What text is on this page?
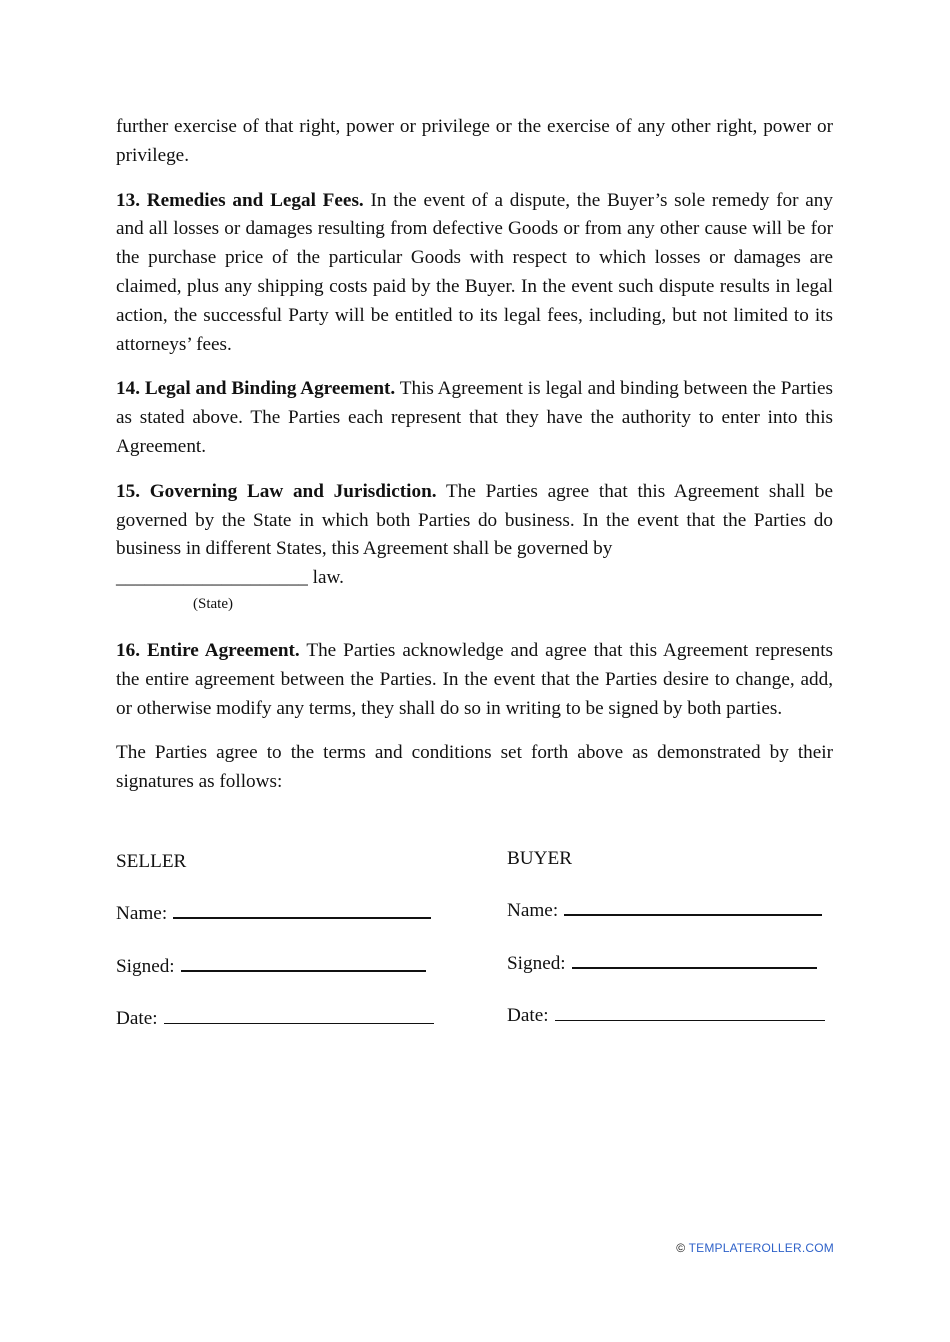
further exercise of that right, power or privilege or the exercise of any other right, power or privilege.

13. Remedies and Legal Fees. In the event of a dispute, the Buyer’s sole remedy for any and all losses or damages resulting from defective Goods or from any other cause will be for the purchase price of the particular Goods with respect to which losses or damages are claimed, plus any shipping costs paid by the Buyer. In the event such dispute results in legal action, the successful Party will be entitled to its legal fees, including, but not limited to its attorneys’ fees.

14. Legal and Binding Agreement. This Agreement is legal and binding between the Parties as stated above. The Parties each represent that they have the authority to enter into this Agreement.

15. Governing Law and Jurisdiction. The Parties agree that this Agreement shall be governed by the State in which both Parties do business. In the event that the Parties do business in different States, this Agreement shall be governed by

____________________ law.

(State)

16. Entire Agreement. The Parties acknowledge and agree that this Agreement represents the entire agreement between the Parties. In the event that the Parties desire to change, add, or otherwise modify any terms, they shall do so in writing to be signed by both parties.

The Parties agree to the terms and conditions set forth above as demonstrated by their signatures as follows:

SELLER
Name:
Signed:
Date:
BUYER
Name:
Signed:
Date:
© TEMPLATEROLLER.COM
